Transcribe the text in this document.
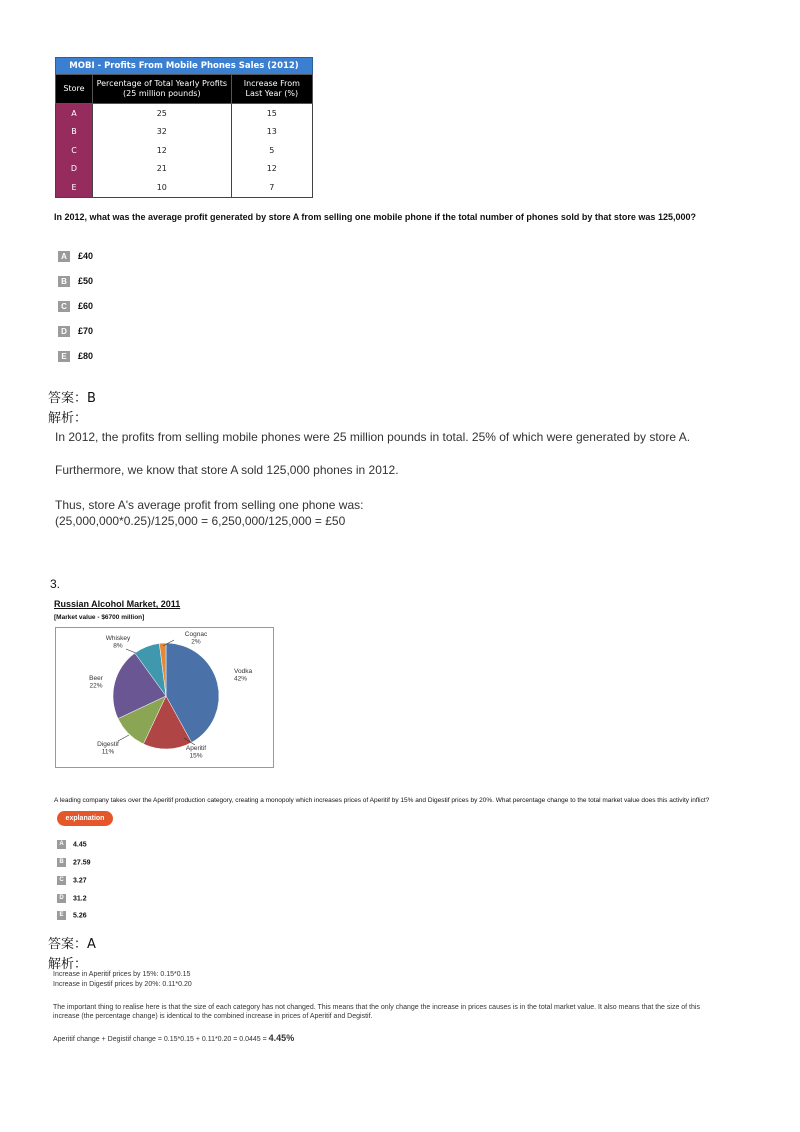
MOBI - Profits From Mobile Phones Sales (2012)
Store	Percentage of Total Yearly Profits (25 million pounds)	Increase From Last Year (%)
A	25	15
B	32	13
C	12	5
D	21	12
E	10	7
In 2012, what was the average profit generated by store A from selling one mobile phone if the total number of phones sold by that store was 125,000?
A £40
B £50
C £60
D £70
E £80
答案：B
解析：
In 2012, the profits from selling mobile phones were 25 million pounds in total. 25% of which were generated by store A.
Furthermore, we know that store A sold 125,000 phones in 2012.
Thus, store A's average profit from selling one phone was:
(25,000,000*0.25)/125,000 = 6,250,000/125,000 = £50
3.
Russian Alcohol Market, 2011
[Market value - $6700 million]
Vodka 42%
Aperitif 15%
Digestif 11%
Beer 22%
Whiskey 8%
Cognac 2%
A leading company takes over the Aperitif production category, creating a monopoly which increases prices of Aperitif by 15% and Digestif prices by 20%. What percentage change to the total market value does this activity inflict?
explanation
A 4.45
B 27.59
C 3.27
D 31.2
E 5.26
答案：A
解析：
Increase in Aperitif prices by 15%: 0.15*0.15
Increase in Digestif prices by 20%: 0.11*0.20
The important thing to realise here is that the size of each category has not changed. This means that the only change the increase in prices causes is in the total market value. It also means that the size of this
increase (the percentage change) is identical to the combined increase in prices of Aperitif and Degistif.
Aperitif change + Degistif change = 0.15*0.15 + 0.11*0.20 = 0.0445 = 4.45%
